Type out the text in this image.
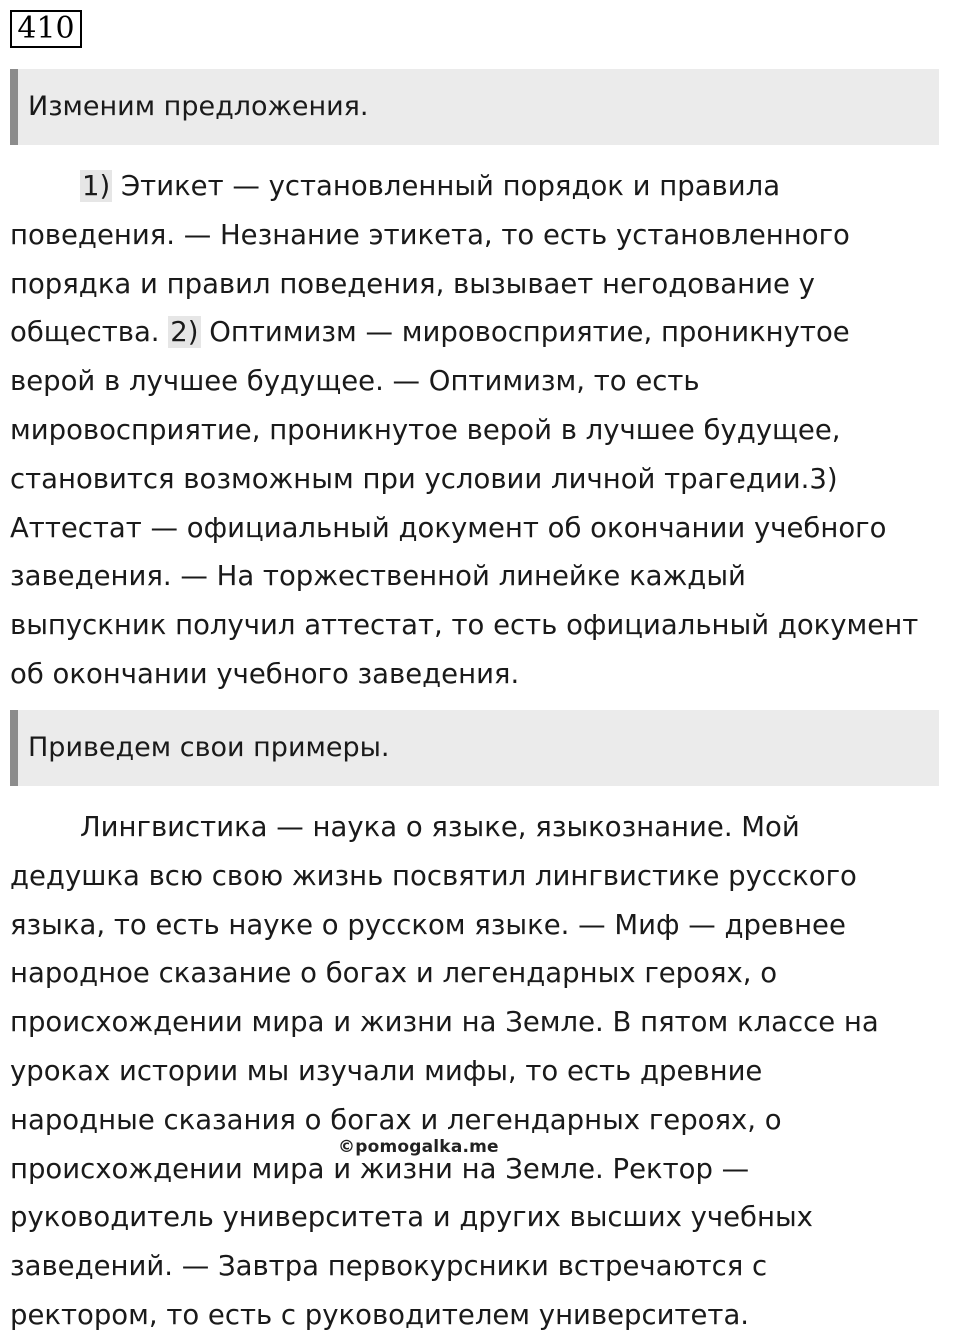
410
Изменим предложения.

1) Этикет — установленный порядок и правила
поведения. — Незнание этикета, то есть установленного
порядка и правил поведения, вызывает негодование у
общества. 2) Оптимизм — мировосприятие, проникнутое
верой в лучшее будущее. — Оптимизм, то есть
мировосприятие, проникнутое верой в лучшее будущее,
становится возможным при условии личной трагедии.3)
Аттестат — официальный документ об окончании учебного
заведения. — На торжественной линейке каждый
выпускник получил аттестат, то есть официальный документ
об окончании учебного заведения.

Приведем свои примеры.

Лингвистика — наука о языке, языкознание. Мой
дедушка всю свою жизнь посвятил лингвистике русского
языка, то есть науке о русском языке. — Миф — древнее
народное сказание о богах и легендарных героях, о
происхождении мира и жизни на Земле. В пятом классе на
уроках истории мы изучали мифы, то есть древние
народные сказания о богах и легендарных героях, о
происхождении мира и жизни на Земле. Ректор —
руководитель университета и других высших учебных
заведений. — Завтра первокурсники встречаются с
ректором, то есть с руководителем университета.

©pomogalka.me
